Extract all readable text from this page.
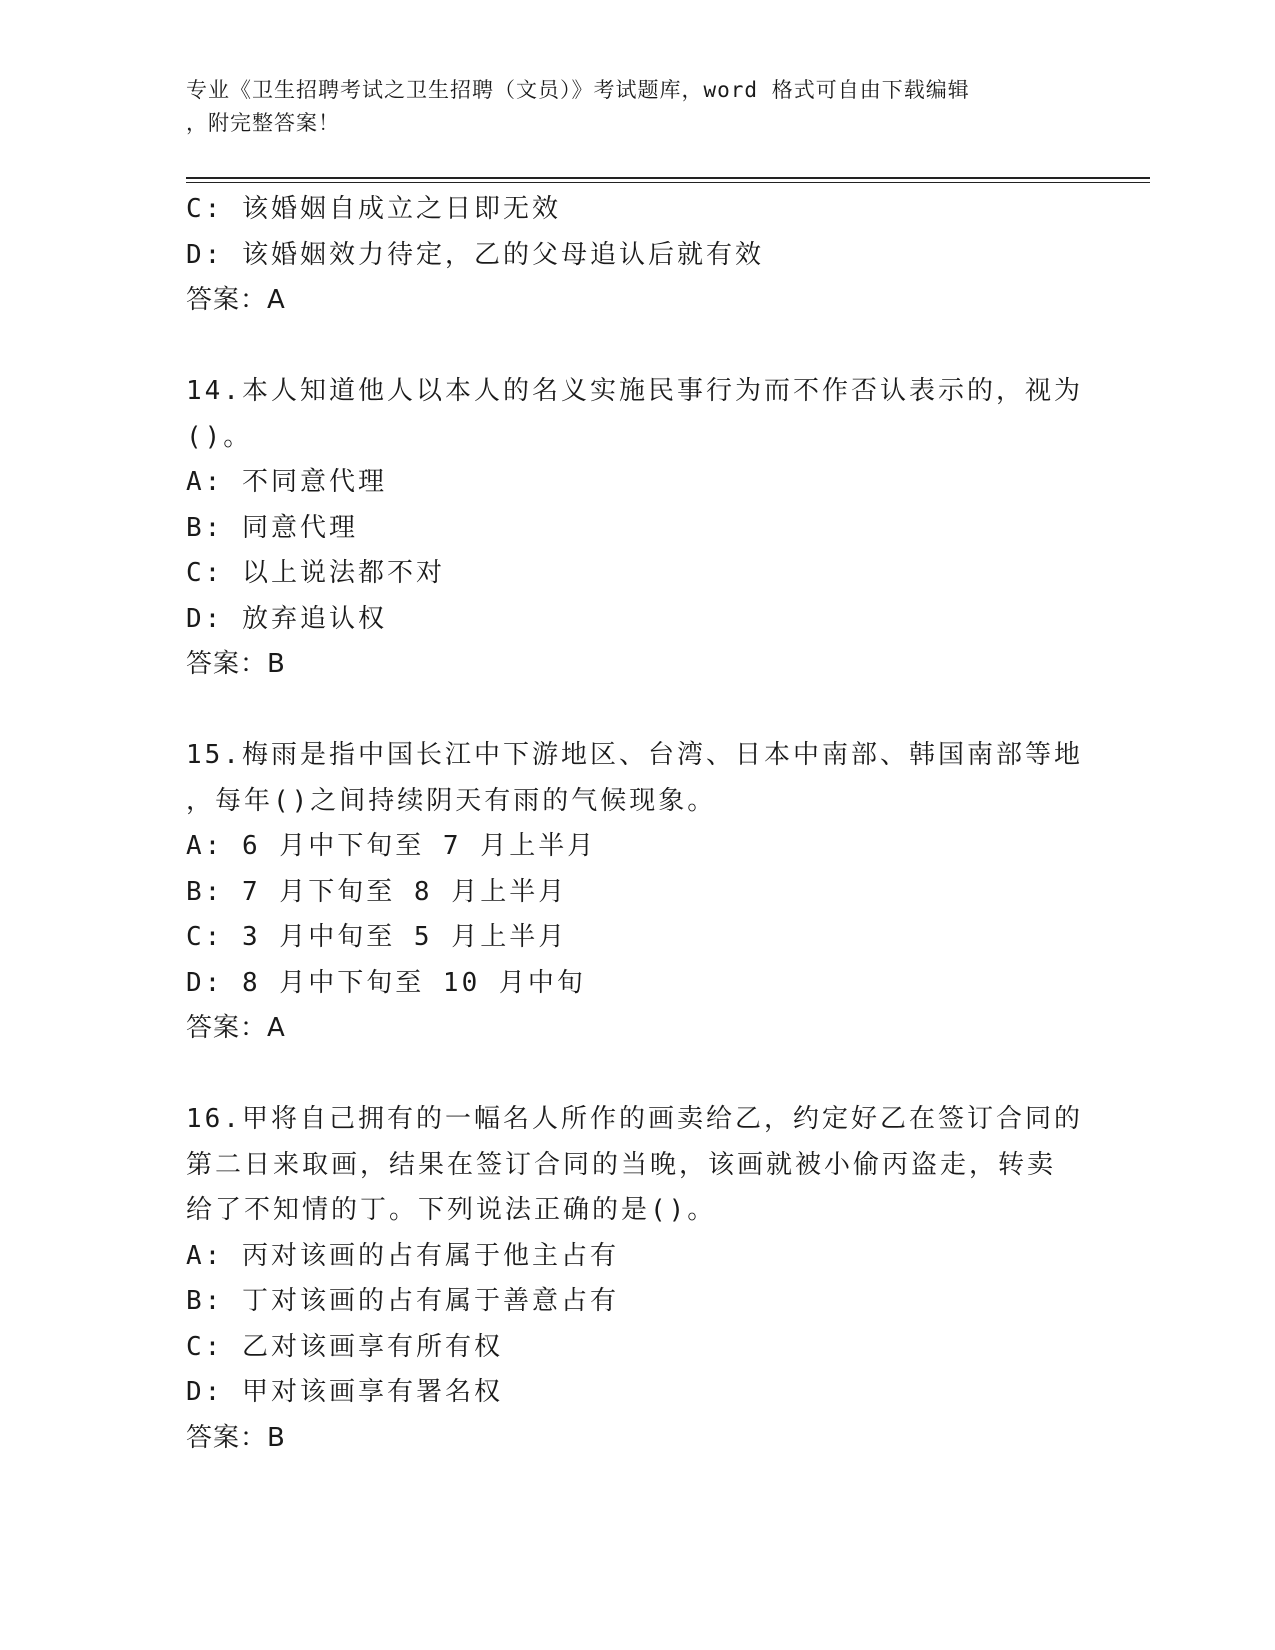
专业《卫生招聘考试之卫生招聘（文员）》考试题库，word 格式可自由下载编辑
，附完整答案！
C: 该婚姻自成立之日即无效
D: 该婚姻效力待定，乙的父母追认后就有效
答案：A
14.本人知道他人以本人的名义实施民事行为而不作否认表示的，视为
()。
A: 不同意代理
B: 同意代理
C: 以上说法都不对
D: 放弃追认权
答案：B
15.梅雨是指中国长江中下游地区、台湾、日本中南部、韩国南部等地
，每年()之间持续阴天有雨的气候现象。
A: 6 月中下旬至 7 月上半月
B: 7 月下旬至 8 月上半月
C: 3 月中旬至 5 月上半月
D: 8 月中下旬至 10 月中旬
答案：A
16.甲将自己拥有的一幅名人所作的画卖给乙，约定好乙在签订合同的
第二日来取画，结果在签订合同的当晚，该画就被小偷丙盗走，转卖
给了不知情的丁。下列说法正确的是()。
A: 丙对该画的占有属于他主占有
B: 丁对该画的占有属于善意占有
C: 乙对该画享有所有权
D: 甲对该画享有署名权
答案：B
